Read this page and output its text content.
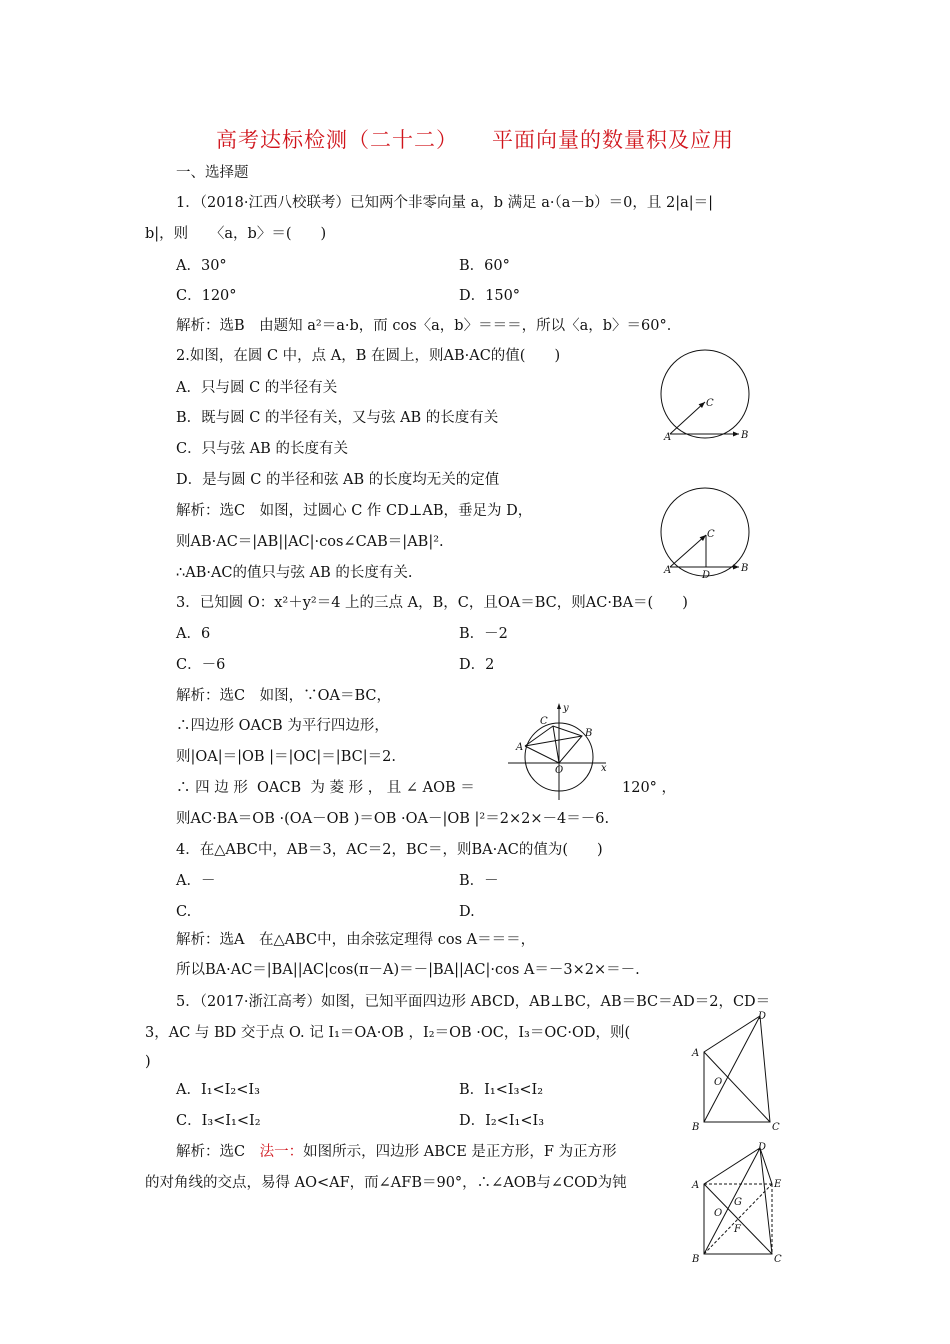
高考达标检测（二十二） 平面向量的数量积及应用
一、选择题
1．（2018·江西八校联考）已知两个非零向量 a，b 满足 a·（a－b）＝0，且 2|a|＝|
b|，则　　〈a，b〉＝(　　)
A．30°	B．60°
C．120°	D．150°
解析：选B　由题知 a²＝a·b，而 cos〈a，b〉＝＝＝，所以〈a，b〉＝60°．
2.如图，在圆 C 中，点 A，B 在圆上，则AB·AC的值(　　)
A．只与圆 C 的半径有关
B．既与圆 C 的半径有关，又与弦 AB 的长度有关
C．只与弦 AB 的长度有关
D．是与圆 C 的半径和弦 AB 的长度均无关的定值
解析：选C　如图，过圆心 C 作 CD⊥AB，垂足为 D，
则AB·AC＝|AB||AC|·cos∠CAB＝|AB|².
∴AB·AC的值只与弦 AB 的长度有关.
A	B
C
A	B
C
D
3．已知圆 O：x²＋y²＝4 上的三点 A，B，C，且OA＝BC，则AC·BA＝(　　)
A．6	B．－2
C．－6	D．2
解析：选C　如图，∵OA＝BC，
∴四边形 OACB 为平行四边形，
则|OA|＝|OB |＝|OC|＝|BC|＝2.
∴ 四 边 形  OACB  为 菱 形 ， 且 ∠ AOB ＝	120° ，
则AC·BA＝OB ·(OA－OB )＝OB ·OA－|OB |²＝2×2×－4＝－6.
A
B
C
O	x
y
4．在△ABC中，AB＝3，AC＝2，BC＝，则BA·AC的值为(　　)
A．－	B．－
C.	D.
解析：选A　在△ABC中，由余弦定理得 cos A＝＝＝，
所以BA·AC＝|BA||AC|cos(π－A)＝－|BA||AC|·cos A＝－3×2×＝－.
5．（2017·浙江高考）如图，已知平面四边形 ABCD，AB⊥BC，AB＝BC＝AD＝2，CD＝
3，AC 与 BD 交于点 O. 记 I₁＝OA·OB ，I₂＝OB ·OC，I₃＝OC·OD，则(
)
A．I₁<I₂<I₃	B．I₁<I₃<I₂
C．I₃<I₁<I₂	D．I₂<I₁<I₃
解析：选C　法一：如图所示，四边形 ABCE 是正方形，F 为正方形
的对角线的交点，易得 AO<AF，而∠AFB＝90°，∴∠AOB与∠COD为钝
A
B	C
D
O
A
B	C
D
E
F
G
O
